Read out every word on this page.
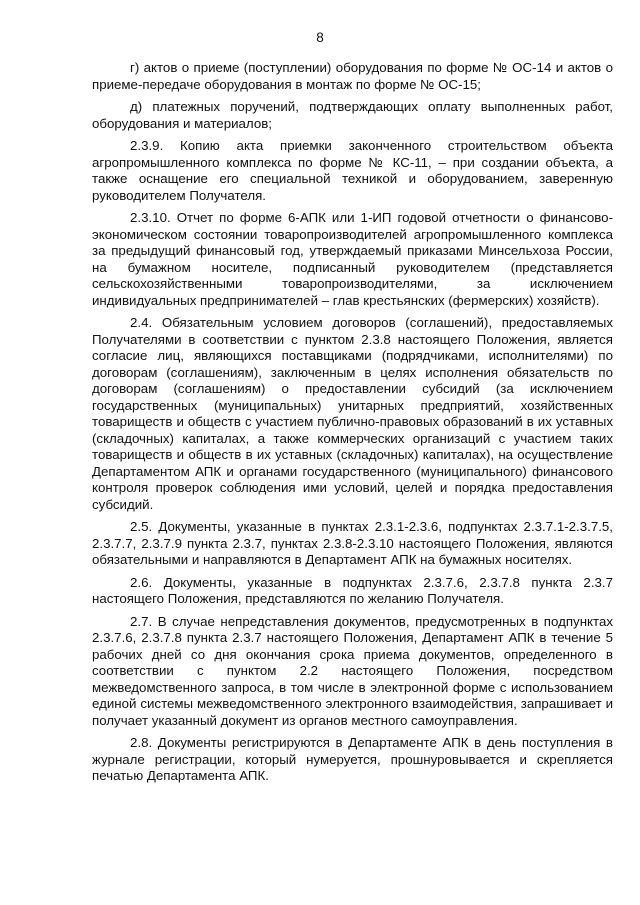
8

г) актов о приеме (поступлении) оборудования по форме № ОС-14 и актов о приеме-передаче оборудования в монтаж по форме № ОС-15;

д) платежных поручений, подтверждающих оплату выполненных работ, оборудования и материалов;

2.3.9. Копию акта приемки законченного строительством объекта агропромышленного комплекса по форме № КС-11, – при создании объекта, а также оснащение его специальной техникой и оборудованием, заверенную руководителем Получателя.

2.3.10. Отчет по форме 6-АПК или 1-ИП годовой отчетности о финансово-экономическом состоянии товаропроизводителей агропромышленного комплекса за предыдущий финансовый год, утверждаемый приказами Минсельхоза России, на бумажном носителе, подписанный руководителем (представляется сельскохозяйственными товаропроизводителями, за исключением индивидуальных предпринимателей – глав крестьянских (фермерских) хозяйств).

2.4. Обязательным условием договоров (соглашений), предоставляемых Получателями в соответствии с пунктом 2.3.8 настоящего Положения, является согласие лиц, являющихся поставщиками (подрядчиками, исполнителями) по договорам (соглашениям), заключенным в целях исполнения обязательств по договорам (соглашениям) о предоставлении субсидий (за исключением государственных (муниципальных) унитарных предприятий, хозяйственных товариществ и обществ с участием публично-правовых образований в их уставных (складочных) капиталах, а также коммерческих организаций с участием таких товариществ и обществ в их уставных (складочных) капиталах), на осуществление Департаментом АПК и органами государственного (муниципального) финансового контроля проверок соблюдения ими условий, целей и порядка предоставления субсидий.

2.5. Документы, указанные в пунктах 2.3.1-2.3.6, подпунктах 2.3.7.1-2.3.7.5, 2.3.7.7, 2.3.7.9 пункта 2.3.7, пунктах 2.3.8-2.3.10 настоящего Положения, являются обязательными и направляются в Департамент АПК на бумажных носителях.

2.6. Документы, указанные в подпунктах 2.3.7.6, 2.3.7.8 пункта 2.3.7 настоящего Положения, представляются по желанию Получателя.

2.7. В случае непредставления документов, предусмотренных в подпунктах 2.3.7.6, 2.3.7.8 пункта 2.3.7 настоящего Положения, Департамент АПК в течение 5 рабочих дней со дня окончания срока приема документов, определенного в соответствии с пунктом 2.2 настоящего Положения, посредством межведомственного запроса, в том числе в электронной форме с использованием единой системы межведомственного электронного взаимодействия, запрашивает и получает указанный документ из органов местного самоуправления.

2.8. Документы регистрируются в Департаменте АПК в день поступления в журнале регистрации, который нумеруется, прошнуровывается и скрепляется печатью Департамента АПК.
